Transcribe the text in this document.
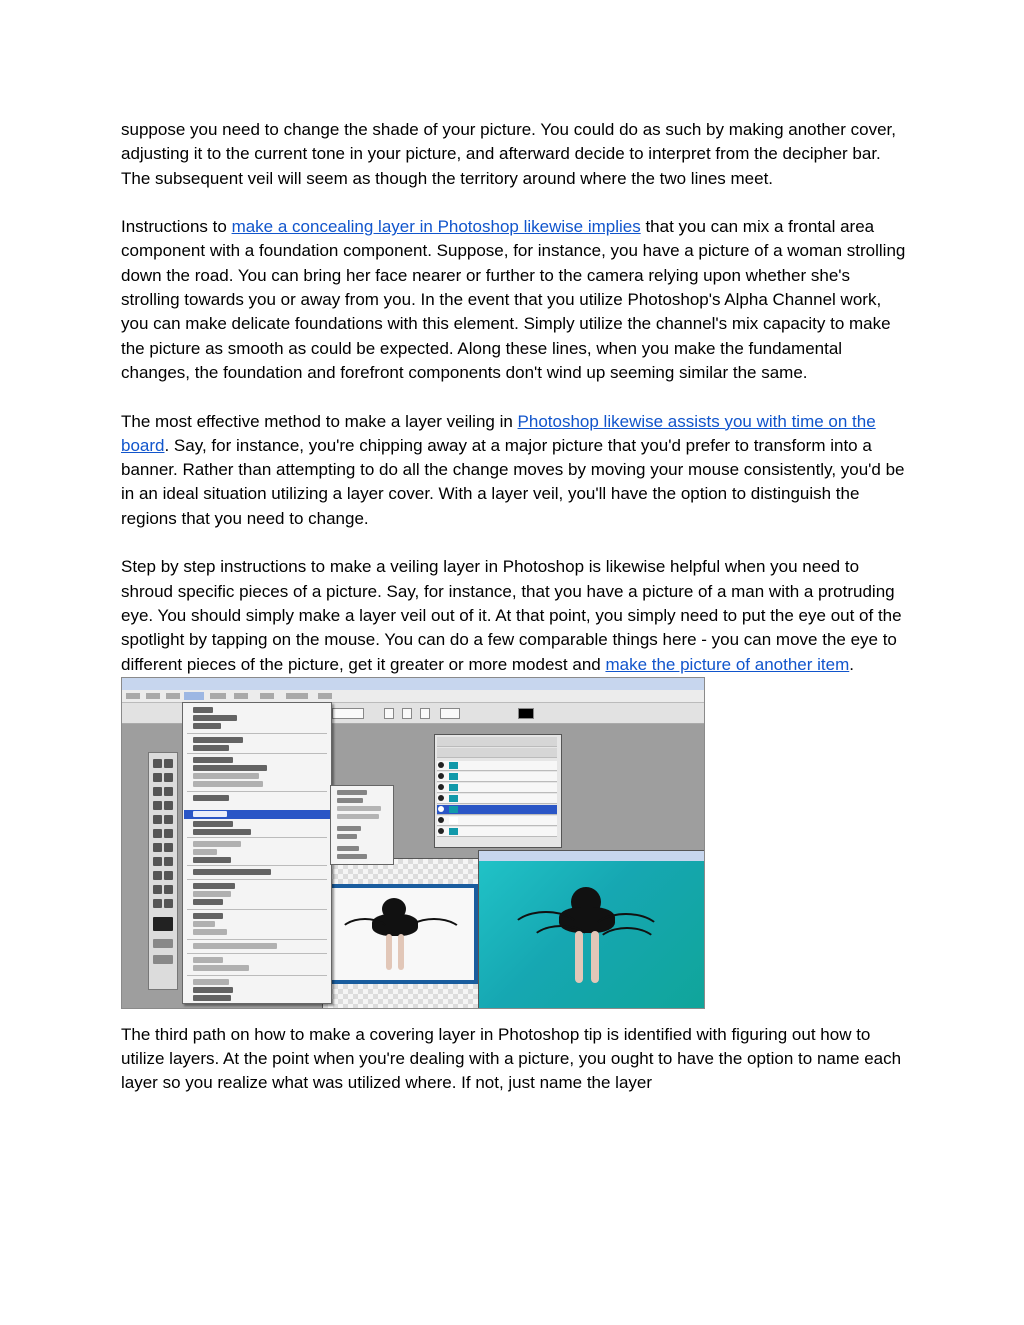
suppose you need to change the shade of your picture. You could do as such by making another cover, adjusting it to the current tone in your picture, and afterward decide to interpret from the decipher bar. The subsequent veil will seem as though the territory around where the two lines meet.

Instructions to make a concealing layer in Photoshop likewise implies that you can mix a frontal area component with a foundation component. Suppose, for instance, you have a picture of a woman strolling down the road. You can bring her face nearer or further to the camera relying upon whether she's strolling towards you or away from you. In the event that you utilize Photoshop's Alpha Channel work, you can make delicate foundations with this element. Simply utilize the channel's mix capacity to make the picture as smooth as could be expected. Along these lines, when you make the fundamental changes, the foundation and forefront components don't wind up seeming similar the same.

The most effective method to make a layer veiling in Photoshop likewise assists you with time on the board. Say, for instance, you're chipping away at a major picture that you'd prefer to transform into a banner. Rather than attempting to do all the change moves by moving your mouse consistently, you'd be in an ideal situation utilizing a layer cover. With a layer veil, you'll have the option to distinguish the regions that you need to change.

Step by step instructions to make a veiling layer in Photoshop is likewise helpful when you need to shroud specific pieces of a picture. Say, for instance, that you have a picture of a man with a protruding eye. You should simply make a layer veil out of it. At that point, you simply need to put the eye out of the spotlight by tapping on the mouse. You can do a few comparable things here - you can move the eye to different pieces of the picture, get it greater or more modest and make the picture of another item.

The third path on how to make a covering layer in Photoshop tip is identified with figuring out how to utilize layers. At the point when you're dealing with a picture, you ought to have the option to name each layer so you realize what was utilized where. If not, just name the layer
